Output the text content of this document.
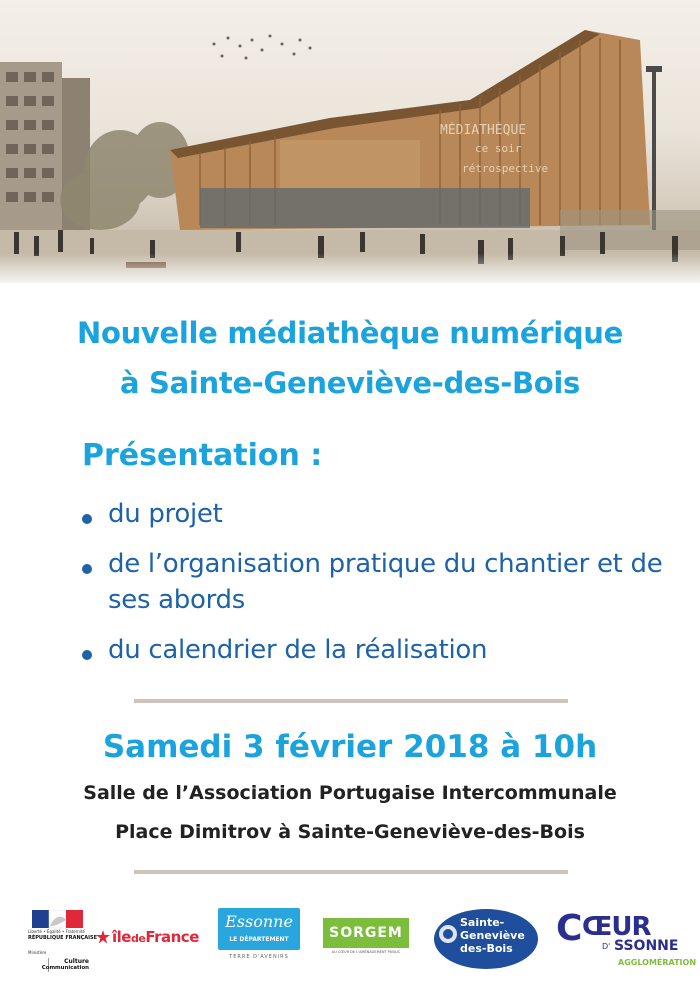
MÉDIATHÈQUE
ce soir
rétrospective
Nouvelle médiathèque numérique
à Sainte-Geneviève-des-Bois
Présentation :
du projet
de l’organisation pratique du chantier et de ses abords
du calendrier de la réalisation
Samedi 3 février 2018 à 10h
Salle de l’Association Portugaise Intercommunale
Place Dimitrov à Sainte-Geneviève-des-Bois
Liberté • Égalité • Fraternité
RÉPUBLIQUE FRANÇAISE
Ministère
Culture
Communication
îledeFrance
Essonne
LE DÉPARTEMENT
TERRE D'AVENIRS
SORGEM
AU CŒUR DE L'AMÉNAGEMENT PUBLIC
Sainte-
Geneviève
des-Bois	C ŒUR
D' SSONNE
AGGLOMÉRATION
